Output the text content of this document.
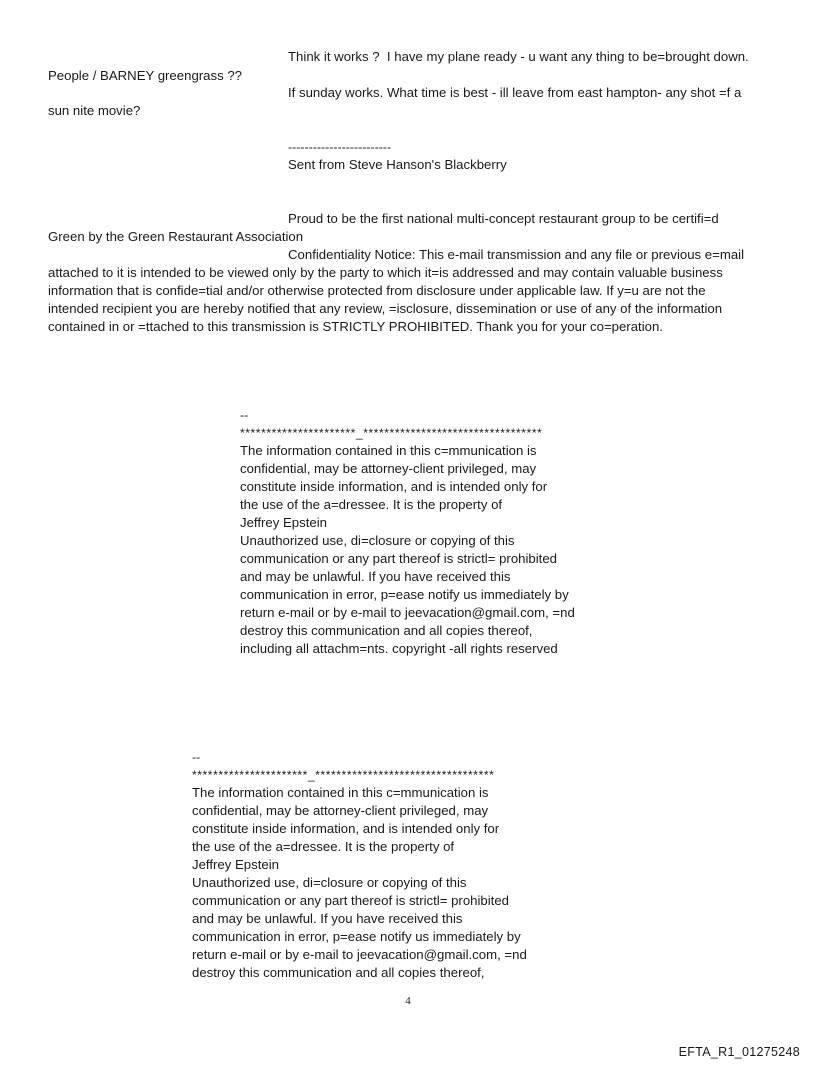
Think it works ?  I have my plane ready - u want any thing to be=brought down.
People / BARNEY greengrass ??
If sunday works. What time is best - ill leave from east hampton- any shot =f a
sun nite movie?
-------------------------
Sent from Steve Hanson's Blackberry
Proud to be the first national multi-concept restaurant group to be certifi=d
Green by the Green Restaurant Association
Confidentiality Notice: This e-mail transmission and any file or previous e=mail
attached to it is intended to be viewed only by the party to which it=is addressed and may contain valuable business
information that is confide=tial and/or otherwise protected from disclosure under applicable law. If y=u are not the
intended recipient you are hereby notified that any review, =isclosure, dissemination or use of any of the information
contained in or =ttached to this transmission is STRICTLY PROHIBITED. Thank you for your co=peration.
--
**********************_**********************************
The information contained in this c=mmunication is
confidential, may be attorney-client privileged, may
constitute inside information, and is intended only for
the use of the a=dressee. It is the property of
Jeffrey Epstein
Unauthorized use, di=closure or copying of this
communication or any part thereof is strictl= prohibited
and may be unlawful. If you have received this
communication in error, p=ease notify us immediately by
return e-mail or by e-mail to jeevacation@gmail.com, =nd
destroy this communication and all copies thereof,
including all attachm=nts. copyright -all rights reserved
--
**********************_**********************************
The information contained in this c=mmunication is
confidential, may be attorney-client privileged, may
constitute inside information, and is intended only for
the use of the a=dressee. It is the property of
Jeffrey Epstein
Unauthorized use, di=closure or copying of this
communication or any part thereof is strictl= prohibited
and may be unlawful. If you have received this
communication in error, p=ease notify us immediately by
return e-mail or by e-mail to jeevacation@gmail.com, =nd
destroy this communication and all copies thereof,
4
EFTA_R1_01275248
